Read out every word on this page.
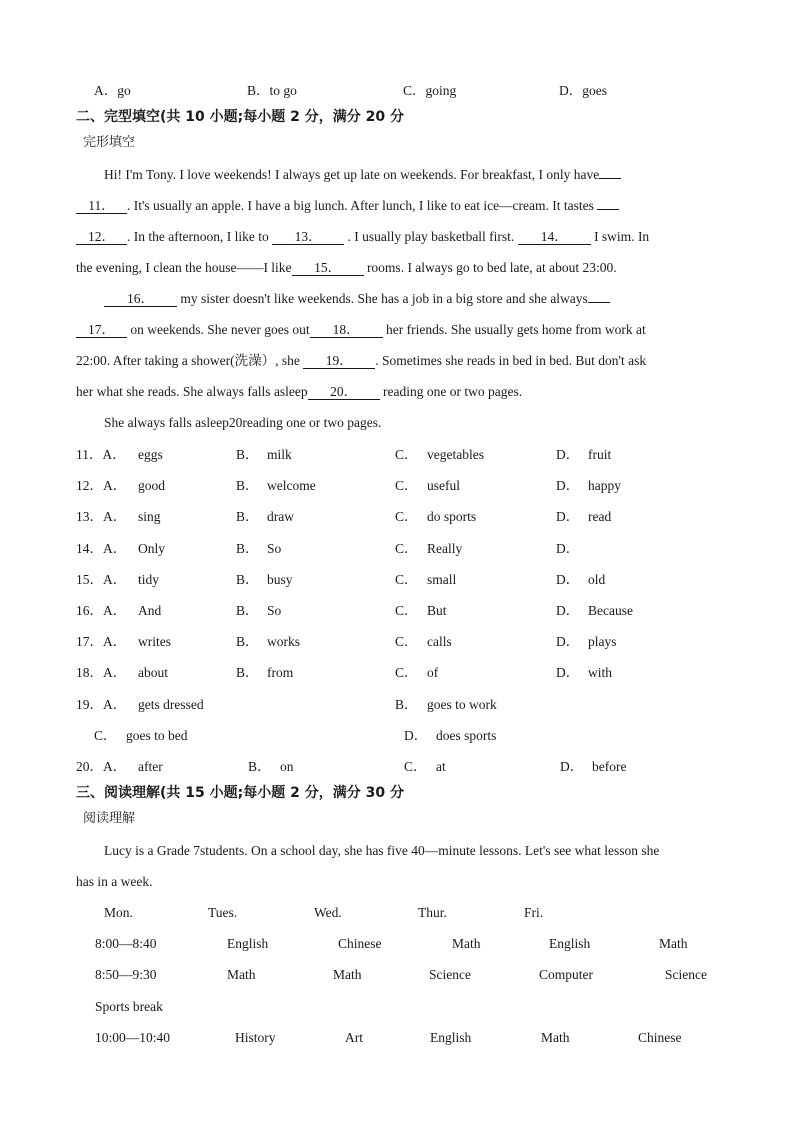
A．go	B．to go	C．going	D．goes
二、完型填空(共 10 小题;每小题 2 分，满分 20 分
完形填空
Hi! I'm Tony. I love weekends! I always get up late on weekends. For breakfast, I only have
11． . It's usually an apple. I have a big lunch. After lunch, I like to eat ice—cream. It tastes
12． . In the afternoon, I like to 13． . I usually play basketball first. 14． I swim. In
the evening, I clean the house——I like 15． rooms. I always go to bed late, at about 23:00.
16． my sister doesn't like weekends. She has a job in a big store and she always
17． on weekends. She never goes out 18． her friends. She usually gets home from work at
22:00. After taking a shower(洗澡）, she 19． . Sometimes she reads in bed in bed. But don't ask
her what she reads. She always falls asleep 20． reading one or two pages.
She always falls asleep20reading one or two pages.
11．A． eggs	B． milk	C． vegetables	D． fruit
12．A． good	B． welcome	C． useful	D． happy
13．A． sing	B． draw	C． do sports	D． read
14．A． Only	B． So	C． Really	D．
15．A． tidy	B． busy	C． small	D． old
16．A． And	B． So	C． But	D． Because
17．A． writes	B． works	C． calls	D． plays
18．A． about	B． from	C． of	D． with
19．A． gets dressed	B． goes to work
C． goes to bed	D． does sports
20．A． after	B． on	C． at	D． before
三、阅读理解(共 15 小题;每小题 2 分，满分 30 分
阅读理解
Lucy is a Grade 7students. On a school day, she has five 40—minute lessons. Let's see what lesson she
has in a week.
Mon.	Tues.	Wed.	Thur.	Fri.
8:00—8:40	English	Chinese	Math	English	Math
8:50—9:30	Math	Math	Science	Computer	Science
Sports break
10:00—10:40	History	Art	English	Math	Chinese
